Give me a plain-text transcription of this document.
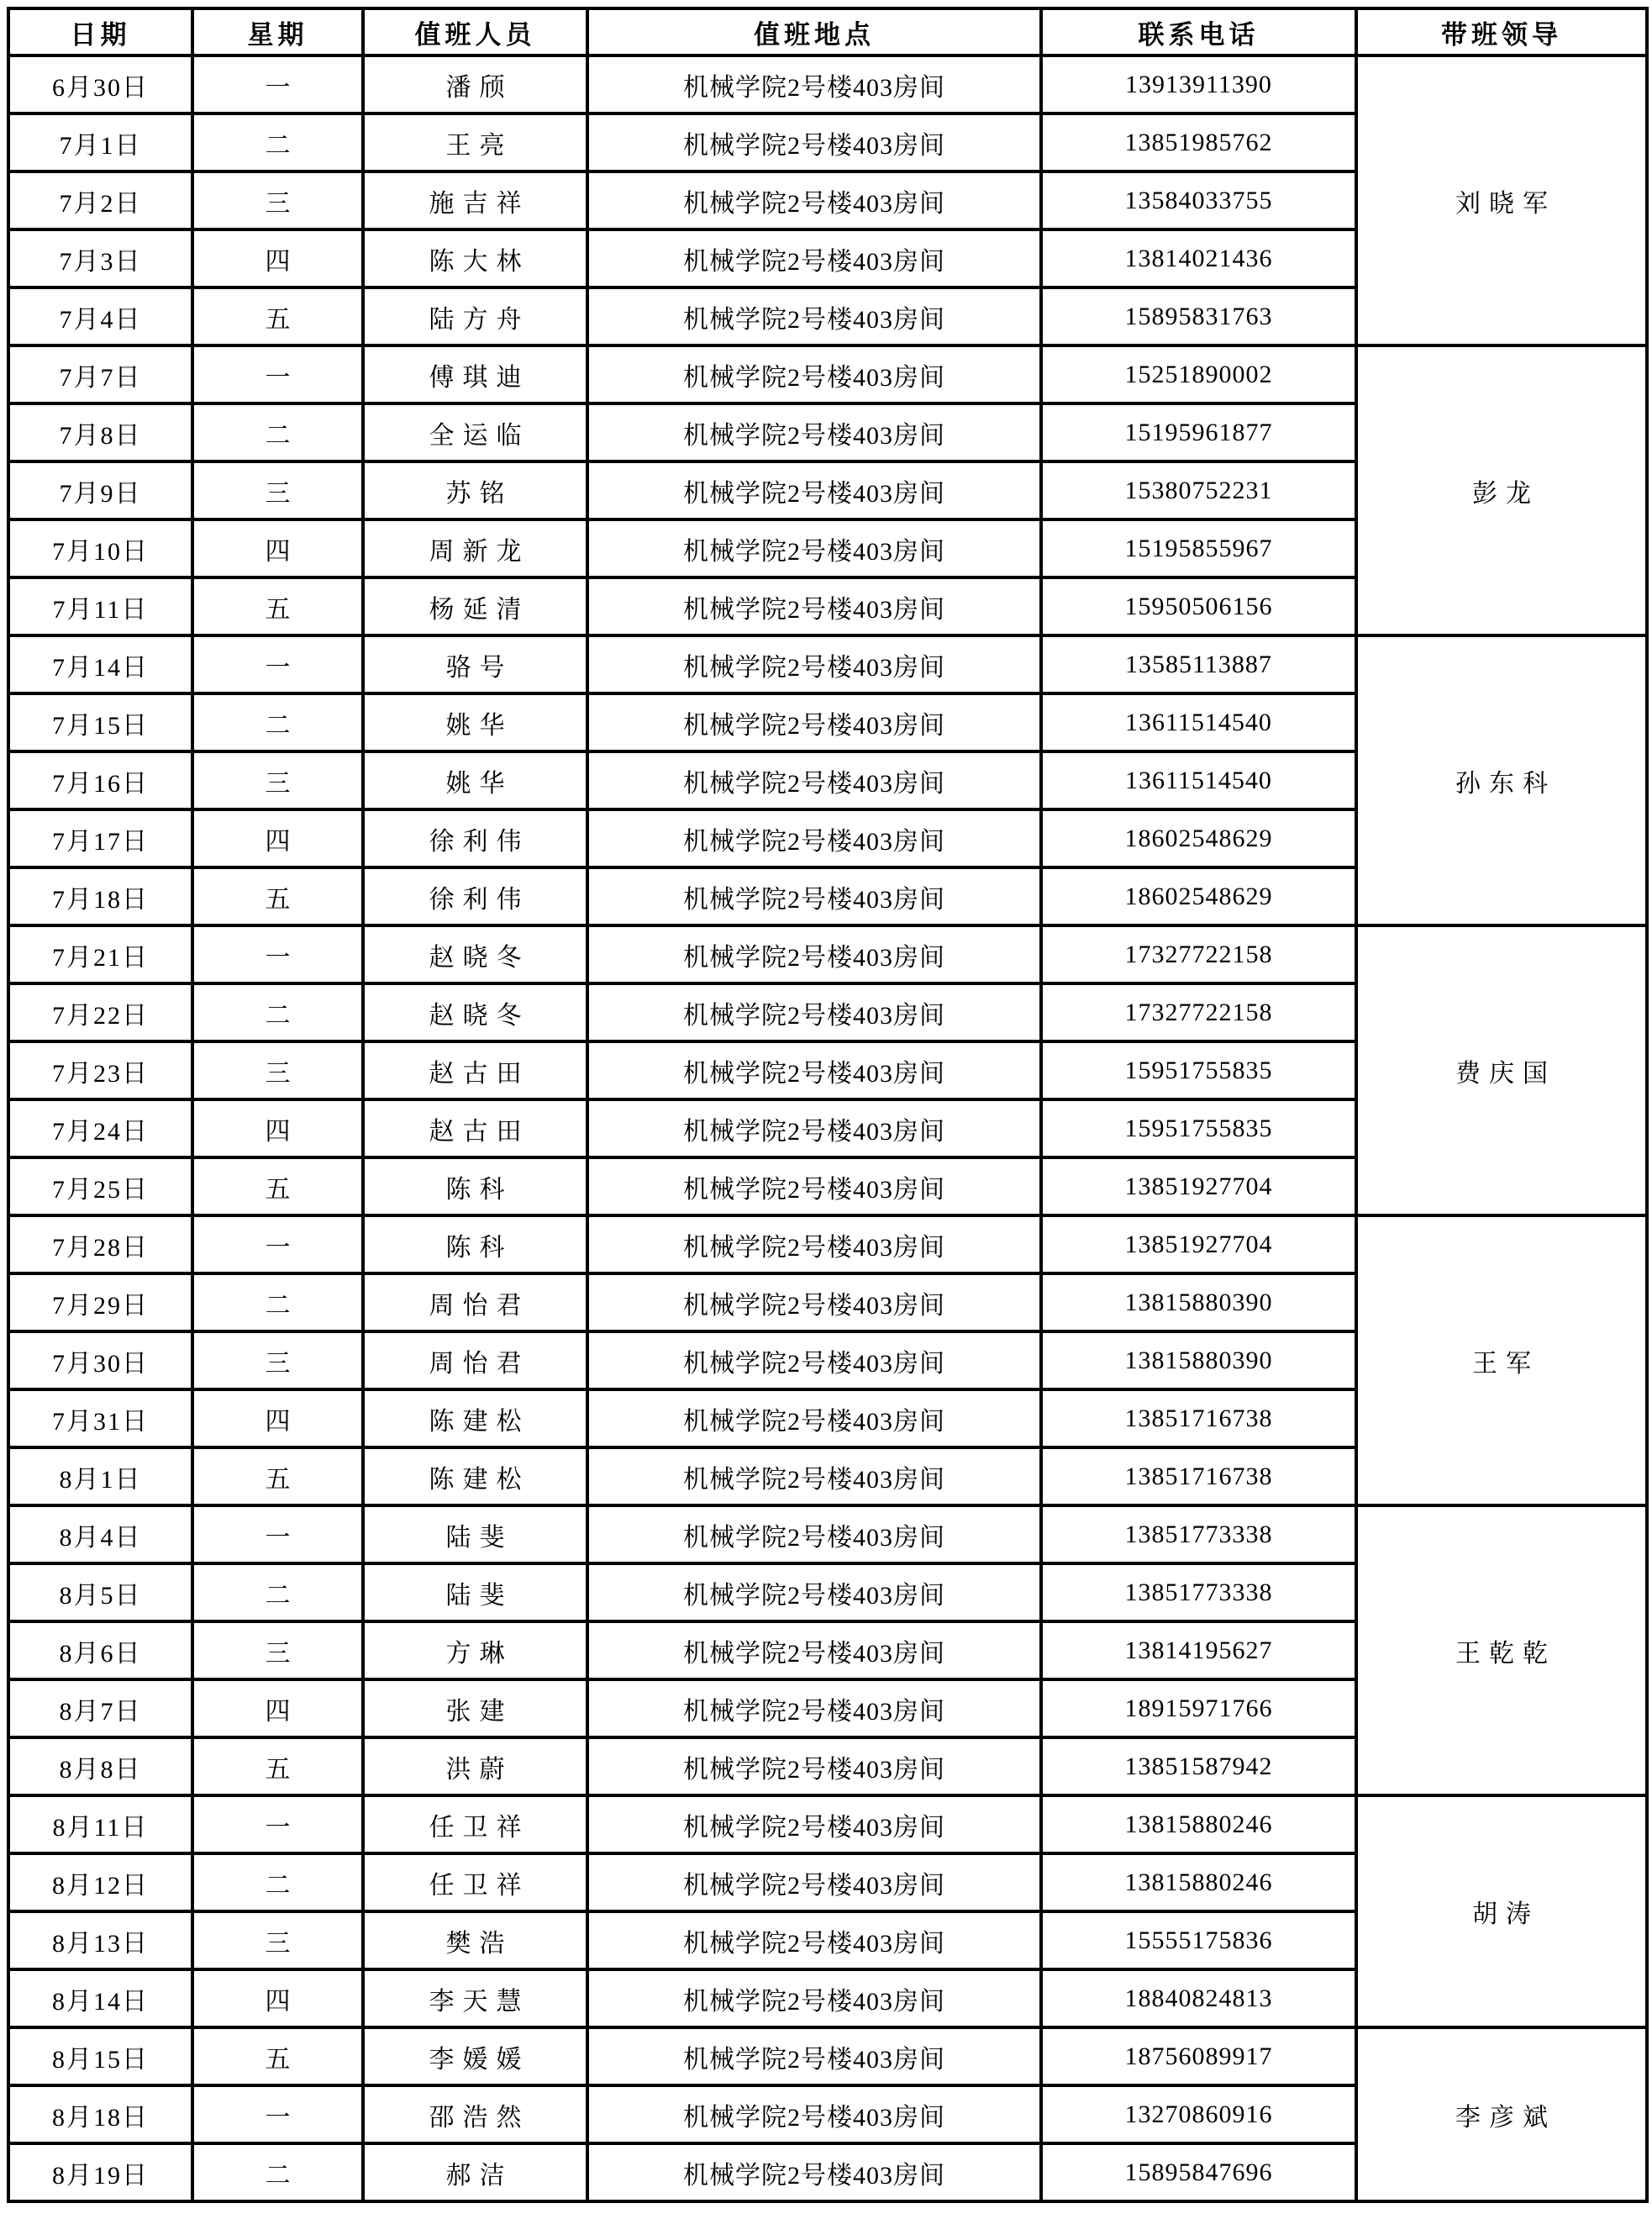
日期	星期	值班人员	值班地点	联系电话	带班领导
6月30日	一	潘颀	机械学院2号楼403房间	13913911390	刘晓军
7月1日	二	王亮	机械学院2号楼403房间	13851985762	
7月2日	三	施吉祥	机械学院2号楼403房间	13584033755	
7月3日	四	陈大林	机械学院2号楼403房间	13814021436	
7月4日	五	陆方舟	机械学院2号楼403房间	15895831763	
7月7日	一	傅琪迪	机械学院2号楼403房间	15251890002	彭龙
7月8日	二	全运临	机械学院2号楼403房间	15195961877	
7月9日	三	苏铭	机械学院2号楼403房间	15380752231	
7月10日	四	周新龙	机械学院2号楼403房间	15195855967	
7月11日	五	杨延清	机械学院2号楼403房间	15950506156	
7月14日	一	骆号	机械学院2号楼403房间	13585113887	孙东科
7月15日	二	姚华	机械学院2号楼403房间	13611514540	
7月16日	三	姚华	机械学院2号楼403房间	13611514540	
7月17日	四	徐利伟	机械学院2号楼403房间	18602548629	
7月18日	五	徐利伟	机械学院2号楼403房间	18602548629	
7月21日	一	赵晓冬	机械学院2号楼403房间	17327722158	费庆国
7月22日	二	赵晓冬	机械学院2号楼403房间	17327722158	
7月23日	三	赵古田	机械学院2号楼403房间	15951755835	
7月24日	四	赵古田	机械学院2号楼403房间	15951755835	
7月25日	五	陈科	机械学院2号楼403房间	13851927704	
7月28日	一	陈科	机械学院2号楼403房间	13851927704	王军
7月29日	二	周怡君	机械学院2号楼403房间	13815880390	
7月30日	三	周怡君	机械学院2号楼403房间	13815880390	
7月31日	四	陈建松	机械学院2号楼403房间	13851716738	
8月1日	五	陈建松	机械学院2号楼403房间	13851716738	
8月4日	一	陆斐	机械学院2号楼403房间	13851773338	王乾乾
8月5日	二	陆斐	机械学院2号楼403房间	13851773338	
8月6日	三	方琳	机械学院2号楼403房间	13814195627	
8月7日	四	张建	机械学院2号楼403房间	18915971766	
8月8日	五	洪蔚	机械学院2号楼403房间	13851587942	
8月11日	一	任卫祥	机械学院2号楼403房间	13815880246	胡涛
8月12日	二	任卫祥	机械学院2号楼403房间	13815880246	
8月13日	三	樊浩	机械学院2号楼403房间	15555175836	
8月14日	四	李天慧	机械学院2号楼403房间	18840824813	
8月15日	五	李媛媛	机械学院2号楼403房间	18756089917	李彦斌
8月18日	一	邵浩然	机械学院2号楼403房间	13270860916	
8月19日	二	郝洁	机械学院2号楼403房间	15895847696	
